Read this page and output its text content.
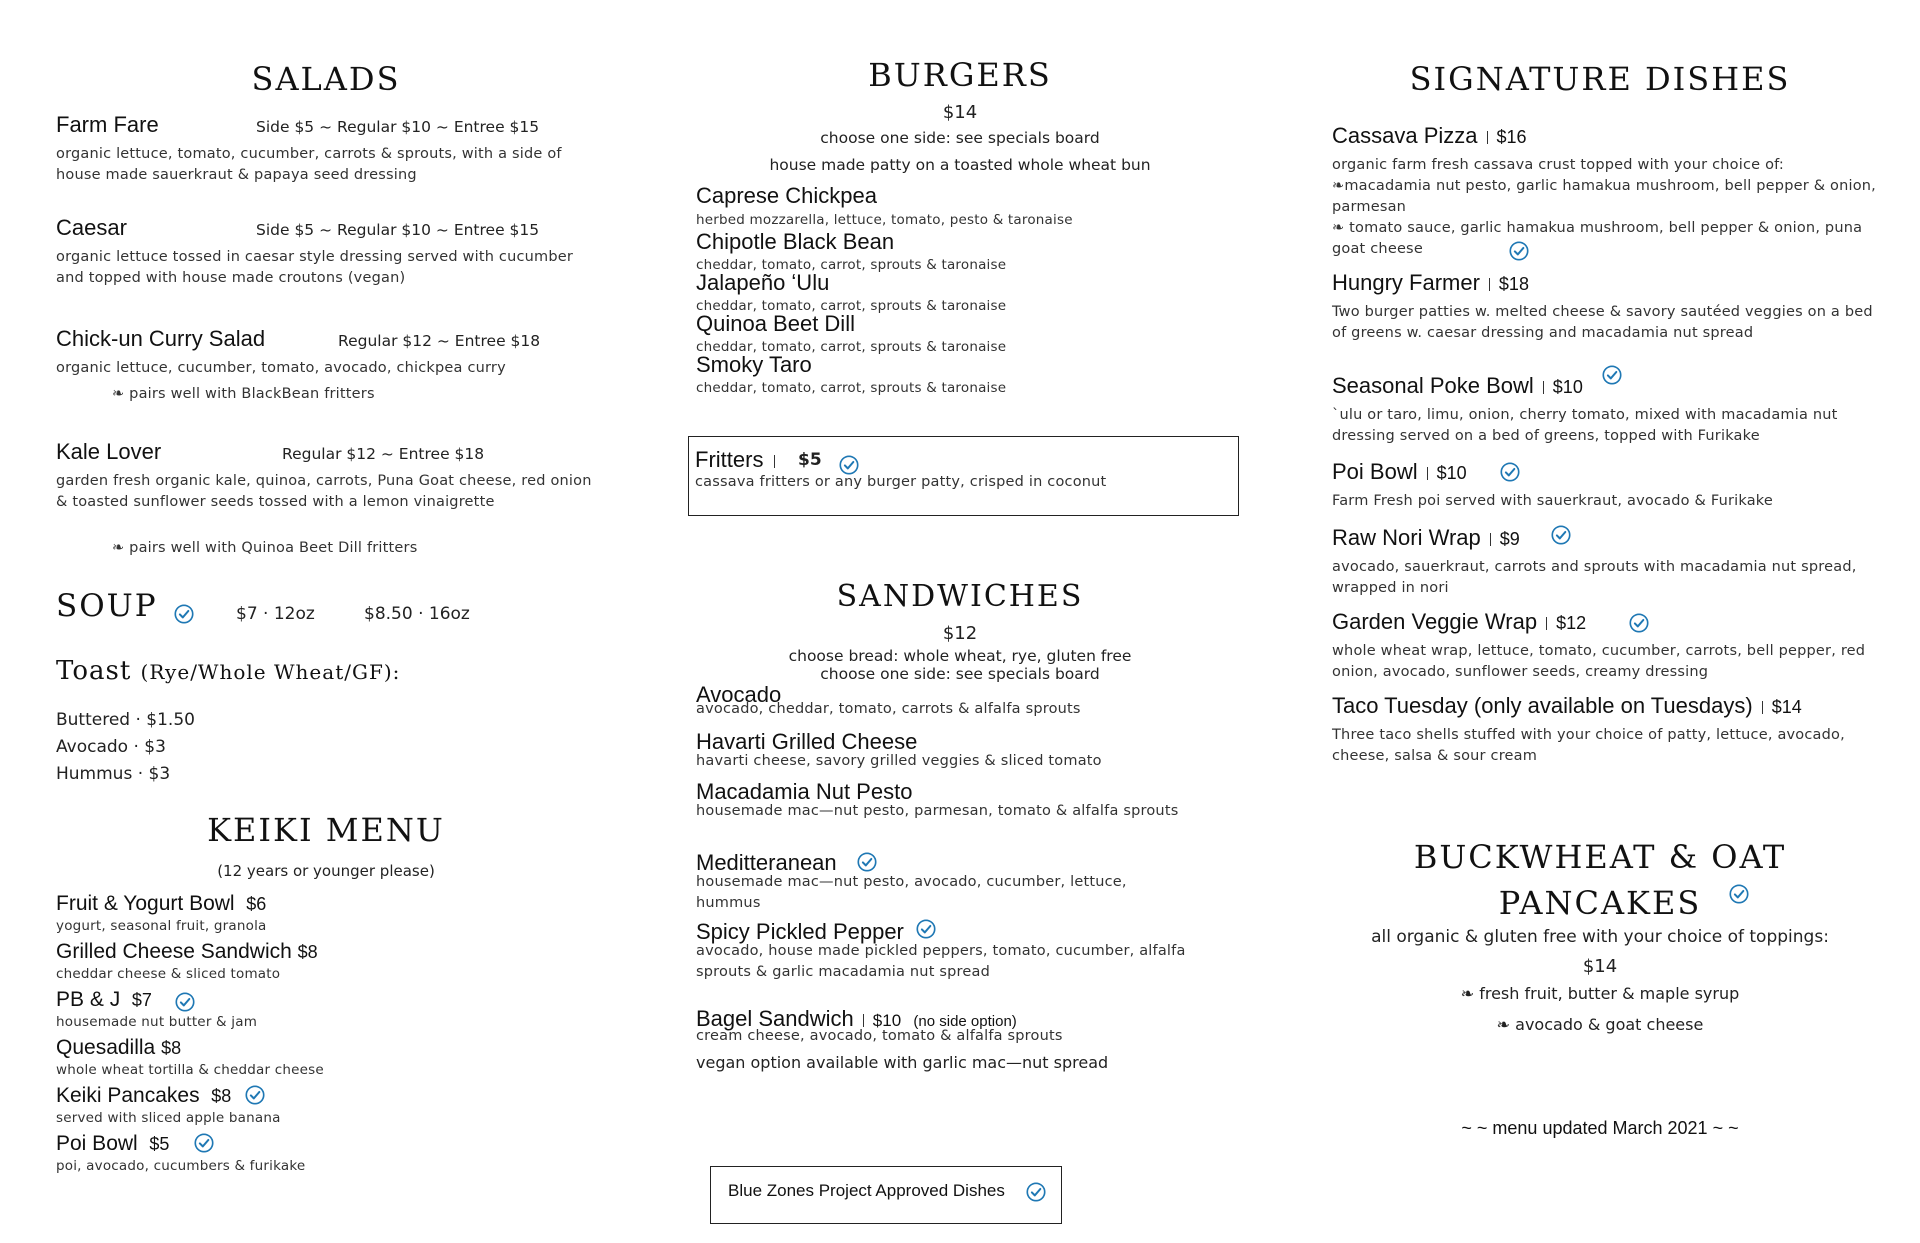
SALADS
Farm Fare	Side $5 ~ Regular $10 ~ Entree $15
organic lettuce, tomato, cucumber, carrots & sprouts, with a side of house made sauerkraut & papaya seed dressing
Caesar	Side $5 ~ Regular $10 ~ Entree $15
organic lettuce tossed in caesar style dressing served with cucumber and topped with house made croutons (vegan)
Chick-un Curry Salad	Regular $12 ~ Entree $18
organic lettuce, cucumber, tomato, avocado, chickpea curry
❧ pairs well with BlackBean fritters
Kale Lover	Regular $12 ~ Entree $18
garden fresh organic kale, quinoa, carrots, Puna Goat cheese, red onion & toasted sunflower seeds tossed with a lemon vinaigrette
❧ pairs well with Quinoa Beet Dill fritters
SOUP	$7 · 12oz	$8.50 · 16oz
Toast (Rye/Whole Wheat/GF):
Buttered · $1.50
Avocado · $3
Hummus · $3
KEIKI MENU
(12 years or younger please)
Fruit & Yogurt Bowl $6
yogurt, seasonal fruit, granola
Grilled Cheese Sandwich $8
cheddar cheese & sliced tomato
PB & J $7
housemade nut butter & jam
Quesadilla $8
whole wheat tortilla & cheddar cheese
Keiki Pancakes $8
served with sliced apple banana
Poi Bowl $5
poi, avocado, cucumbers & furikake
BURGERS
$14
choose one side: see specials board
house made patty on a toasted whole wheat bun
Caprese Chickpea
herbed mozzarella, lettuce, tomato, pesto & taronaise
Chipotle Black Bean
cheddar, tomato, carrot, sprouts & taronaise
Jalapeño ʻUlu
cheddar, tomato, carrot, sprouts & taronaise
Quinoa Beet Dill
cheddar, tomato, carrot, sprouts & taronaise
Smoky Taro
cheddar, tomato, carrot, sprouts & taronaise
Fritters $5
cassava fritters or any burger patty, crisped in coconut
SANDWICHES
$12
choose bread: whole wheat, rye, gluten free
choose one side: see specials board
Avocado
avocado, cheddar, tomato, carrots & alfalfa sprouts
Havarti Grilled Cheese
havarti cheese, savory grilled veggies & sliced tomato
Macadamia Nut Pesto
housemade mac—nut pesto, parmesan, tomato & alfalfa sprouts
Meditteranean
housemade mac—nut pesto, avocado, cucumber, lettuce, hummus
Spicy Pickled Pepper
avocado, house made pickled peppers, tomato, cucumber, alfalfa sprouts & garlic macadamia nut spread
Bagel Sandwich $10 (no side option)
cream cheese, avocado, tomato & alfalfa sprouts
vegan option available with garlic mac—nut spread
Blue Zones Project Approved Dishes
SIGNATURE DISHES
Cassava Pizza $16
organic farm fresh cassava crust topped with your choice of:
❧macadamia nut pesto, garlic hamakua mushroom, bell pepper & onion, parmesan
❧ tomato sauce, garlic hamakua mushroom, bell pepper & onion, puna goat cheese
Hungry Farmer $18
Two burger patties w. melted cheese & savory sautéed veggies on a bed of greens w. caesar dressing and macadamia nut spread
Seasonal Poke Bowl $10
`ulu or taro, limu, onion, cherry tomato, mixed with macadamia nut dressing served on a bed of greens, topped with Furikake
Poi Bowl $10
Farm Fresh poi served with sauerkraut, avocado & Furikake
Raw Nori Wrap $9
avocado, sauerkraut, carrots and sprouts with macadamia nut spread, wrapped in nori
Garden Veggie Wrap $12
whole wheat wrap, lettuce, tomato, cucumber, carrots, bell pepper, red onion, avocado, sunflower seeds, creamy dressing
Taco Tuesday (only available on Tuesdays) $14
Three taco shells stuffed with your choice of patty, lettuce, avocado, cheese, salsa & sour cream
BUCKWHEAT & OAT
PANCAKES
all organic & gluten free with your choice of toppings:
$14
❧ fresh fruit, butter & maple syrup
❧ avocado & goat cheese
~ ~ menu updated March 2021 ~ ~
